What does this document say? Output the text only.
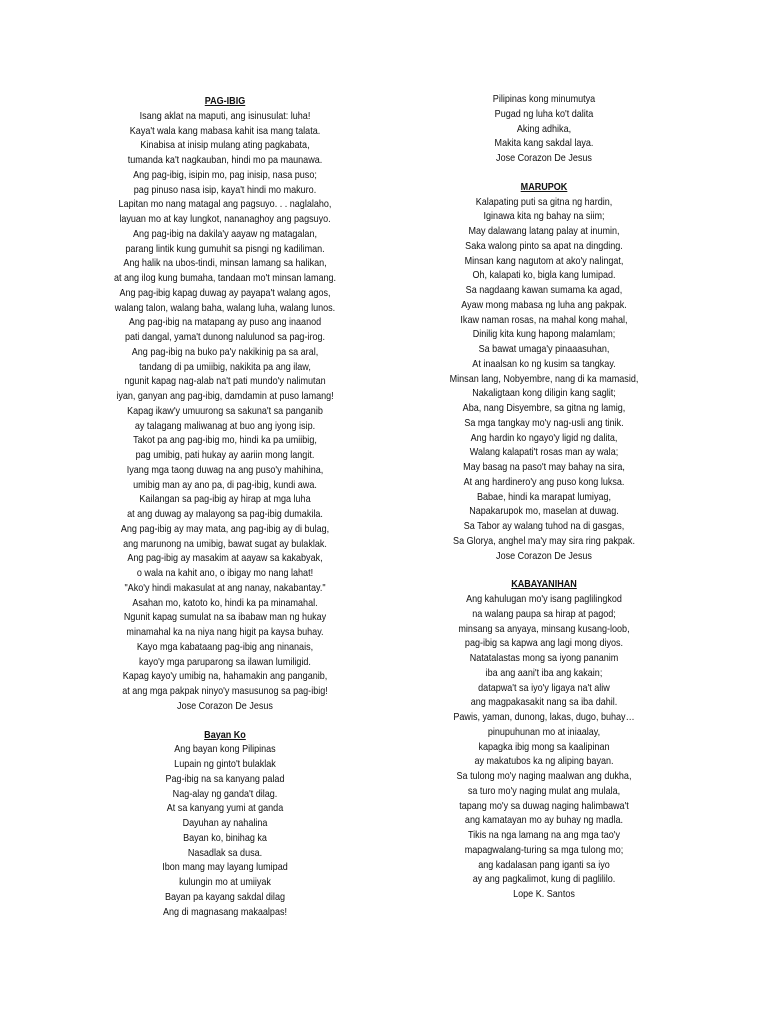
PAG-IBIG

Isang aklat na maputi, ang isinusulat: luha!

Kaya't wala kang mabasa kahit isa mang talata.

Kinabisa at inisip mulang ating pagkabata,

tumanda ka't nagkauban, hindi mo pa maunawa.

Ang pag-ibig, isipin mo, pag inisip, nasa puso;

pag pinuso nasa isip, kaya't hindi mo makuro.

Lapitan mo nang matagal ang pagsuyo. . . naglalaho,

layuan mo at kay lungkot, nananaghoy ang pagsuyo.

Ang pag-ibig na dakila'y aayaw ng matagalan,

parang lintik kung gumuhit sa pisngi ng kadiliman.

Ang halik na ubos-tindi, minsan lamang sa halikan,

at ang ilog kung bumaha, tandaan mo't minsan lamang.

Ang pag-ibig kapag duwag ay payapa't walang agos,

walang talon, walang baha, walang luha, walang lunos.

Ang pag-ibig na matapang ay puso ang inaanod

pati dangal, yama't dunong nalulunod sa pag-irog.

Ang pag-ibig na buko pa'y nakikinig pa sa aral,

tandang di pa umiibig, nakikita pa ang ilaw,

ngunit kapag nag-alab na't pati mundo'y nalimutan

iyan, ganyan ang pag-ibig, damdamin at puso lamang!

Kapag ikaw'y umuurong sa sakuna't sa panganib

ay talagang maliwanag at buo ang iyong isip.

Takot pa ang pag-ibig mo, hindi ka pa umiibig,

pag umibig, pati hukay ay aariin mong langit.

Iyang mga taong duwag na ang puso'y mahihina,

umibig man ay ano pa, di pag-ibig, kundi awa.

Kailangan sa pag-ibig ay hirap at mga luha

at ang duwag ay malayong sa pag-ibig dumakila.

Ang pag-ibig ay may mata, ang pag-ibig ay di bulag,

ang marunong na umibig, bawat sugat ay bulaklak.

Ang pag-ibig ay masakim at aayaw sa kakabyak,

o wala na kahit ano, o ibigay mo nang lahat!

"Ako'y hindi makasulat at ang nanay, nakabantay."

Asahan mo, katoto ko, hindi ka pa minamahal.

Ngunit kapag sumulat na sa ibabaw man ng hukay

minamahal ka na niya nang higit pa kaysa buhay.

Kayo mga kabataang pag-ibig ang ninanais,

kayo'y mga paruparong sa ilawan lumiligid.

Kapag kayo'y umibig na, hahamakin ang panganib,

at ang mga pakpak ninyo'y masusunog sa pag-ibig!

Jose Corazon De Jesus

Bayan Ko

Ang bayan kong Pilipinas

Lupain ng ginto't bulaklak

Pag-ibig na sa kanyang palad

Nag-alay ng ganda't dilag.

At sa kanyang yumi at ganda

Dayuhan ay nahalina

Bayan ko, binihag ka

Nasadlak sa dusa.

Ibon mang may layang lumipad

kulungin mo at umiiyak

Bayan pa kayang sakdal dilag

Ang di magnasang makaalpas!

Pilipinas kong minumutya

Pugad ng luha ko't dalita

Aking adhika,

Makita kang sakdal laya.

Jose Corazon De Jesus

MARUPOK

Kalapating puti sa gitna ng hardin,

Iginawa kita ng bahay na siim;

May dalawang latang palay at inumin,

Saka walong pinto sa apat na dingding.

Minsan kang nagutom at ako'y nalingat,

Oh, kalapati ko, bigla kang lumipad.

Sa nagdaang kawan sumama ka agad,

Ayaw mong mabasa ng luha ang pakpak.

Ikaw naman rosas, na mahal kong mahal,

Dinilig kita kung hapong malamlam;

Sa bawat umaga'y pinaaasuhan,

At inaalsan ko ng kusim sa tangkay.

Minsan lang, Nobyembre, nang di ka mamasid,

Nakaligtaan kong diligin kang saglit;

Aba, nang Disyembre, sa gitna ng lamig,

Sa mga tangkay mo'y nag-usli ang tinik.

Ang hardin ko ngayo'y ligid ng dalita,

Walang kalapati't rosas man ay wala;

May basag na paso't may bahay na sira,

At ang hardinero'y ang puso kong luksa.

Babae, hindi ka marapat lumiyag,

Napakarupok mo, maselan at duwag.

Sa Tabor ay walang tuhod na di gasgas,

Sa Glorya, anghel ma'y may sira ring pakpak.

Jose Corazon De Jesus

KABAYANIHAN

Ang kahulugan mo'y isang paglilingkod

na walang paupa sa hirap at pagod;

minsang sa anyaya, minsang kusang-loob,

pag-ibig sa kapwa ang lagi mong diyos.

Natatalastas mong sa iyong pananim

iba ang aani't iba ang kakain;

datapwa't sa iyo'y ligaya na't aliw

ang magpakasakit nang sa iba dahil.

Pawis, yaman, dunong, lakas, dugo, buhay…

pinupuhunan mo at iniaalay,

kapagka ibig mong sa kaalipinan

ay makatubos ka ng aliping bayan.

Sa tulong mo'y naging maalwan ang dukha,

sa turo mo'y naging mulat ang mulala,

tapang mo'y sa duwag naging halimbawa't

ang kamatayan mo ay buhay ng madla.

Tikis na nga lamang na ang mga tao'y

mapagwalang-turing sa mga tulong mo;

ang kadalasan pang iganti sa iyo

ay ang pagkalimot, kung di paglililo.

Lope K. Santos
